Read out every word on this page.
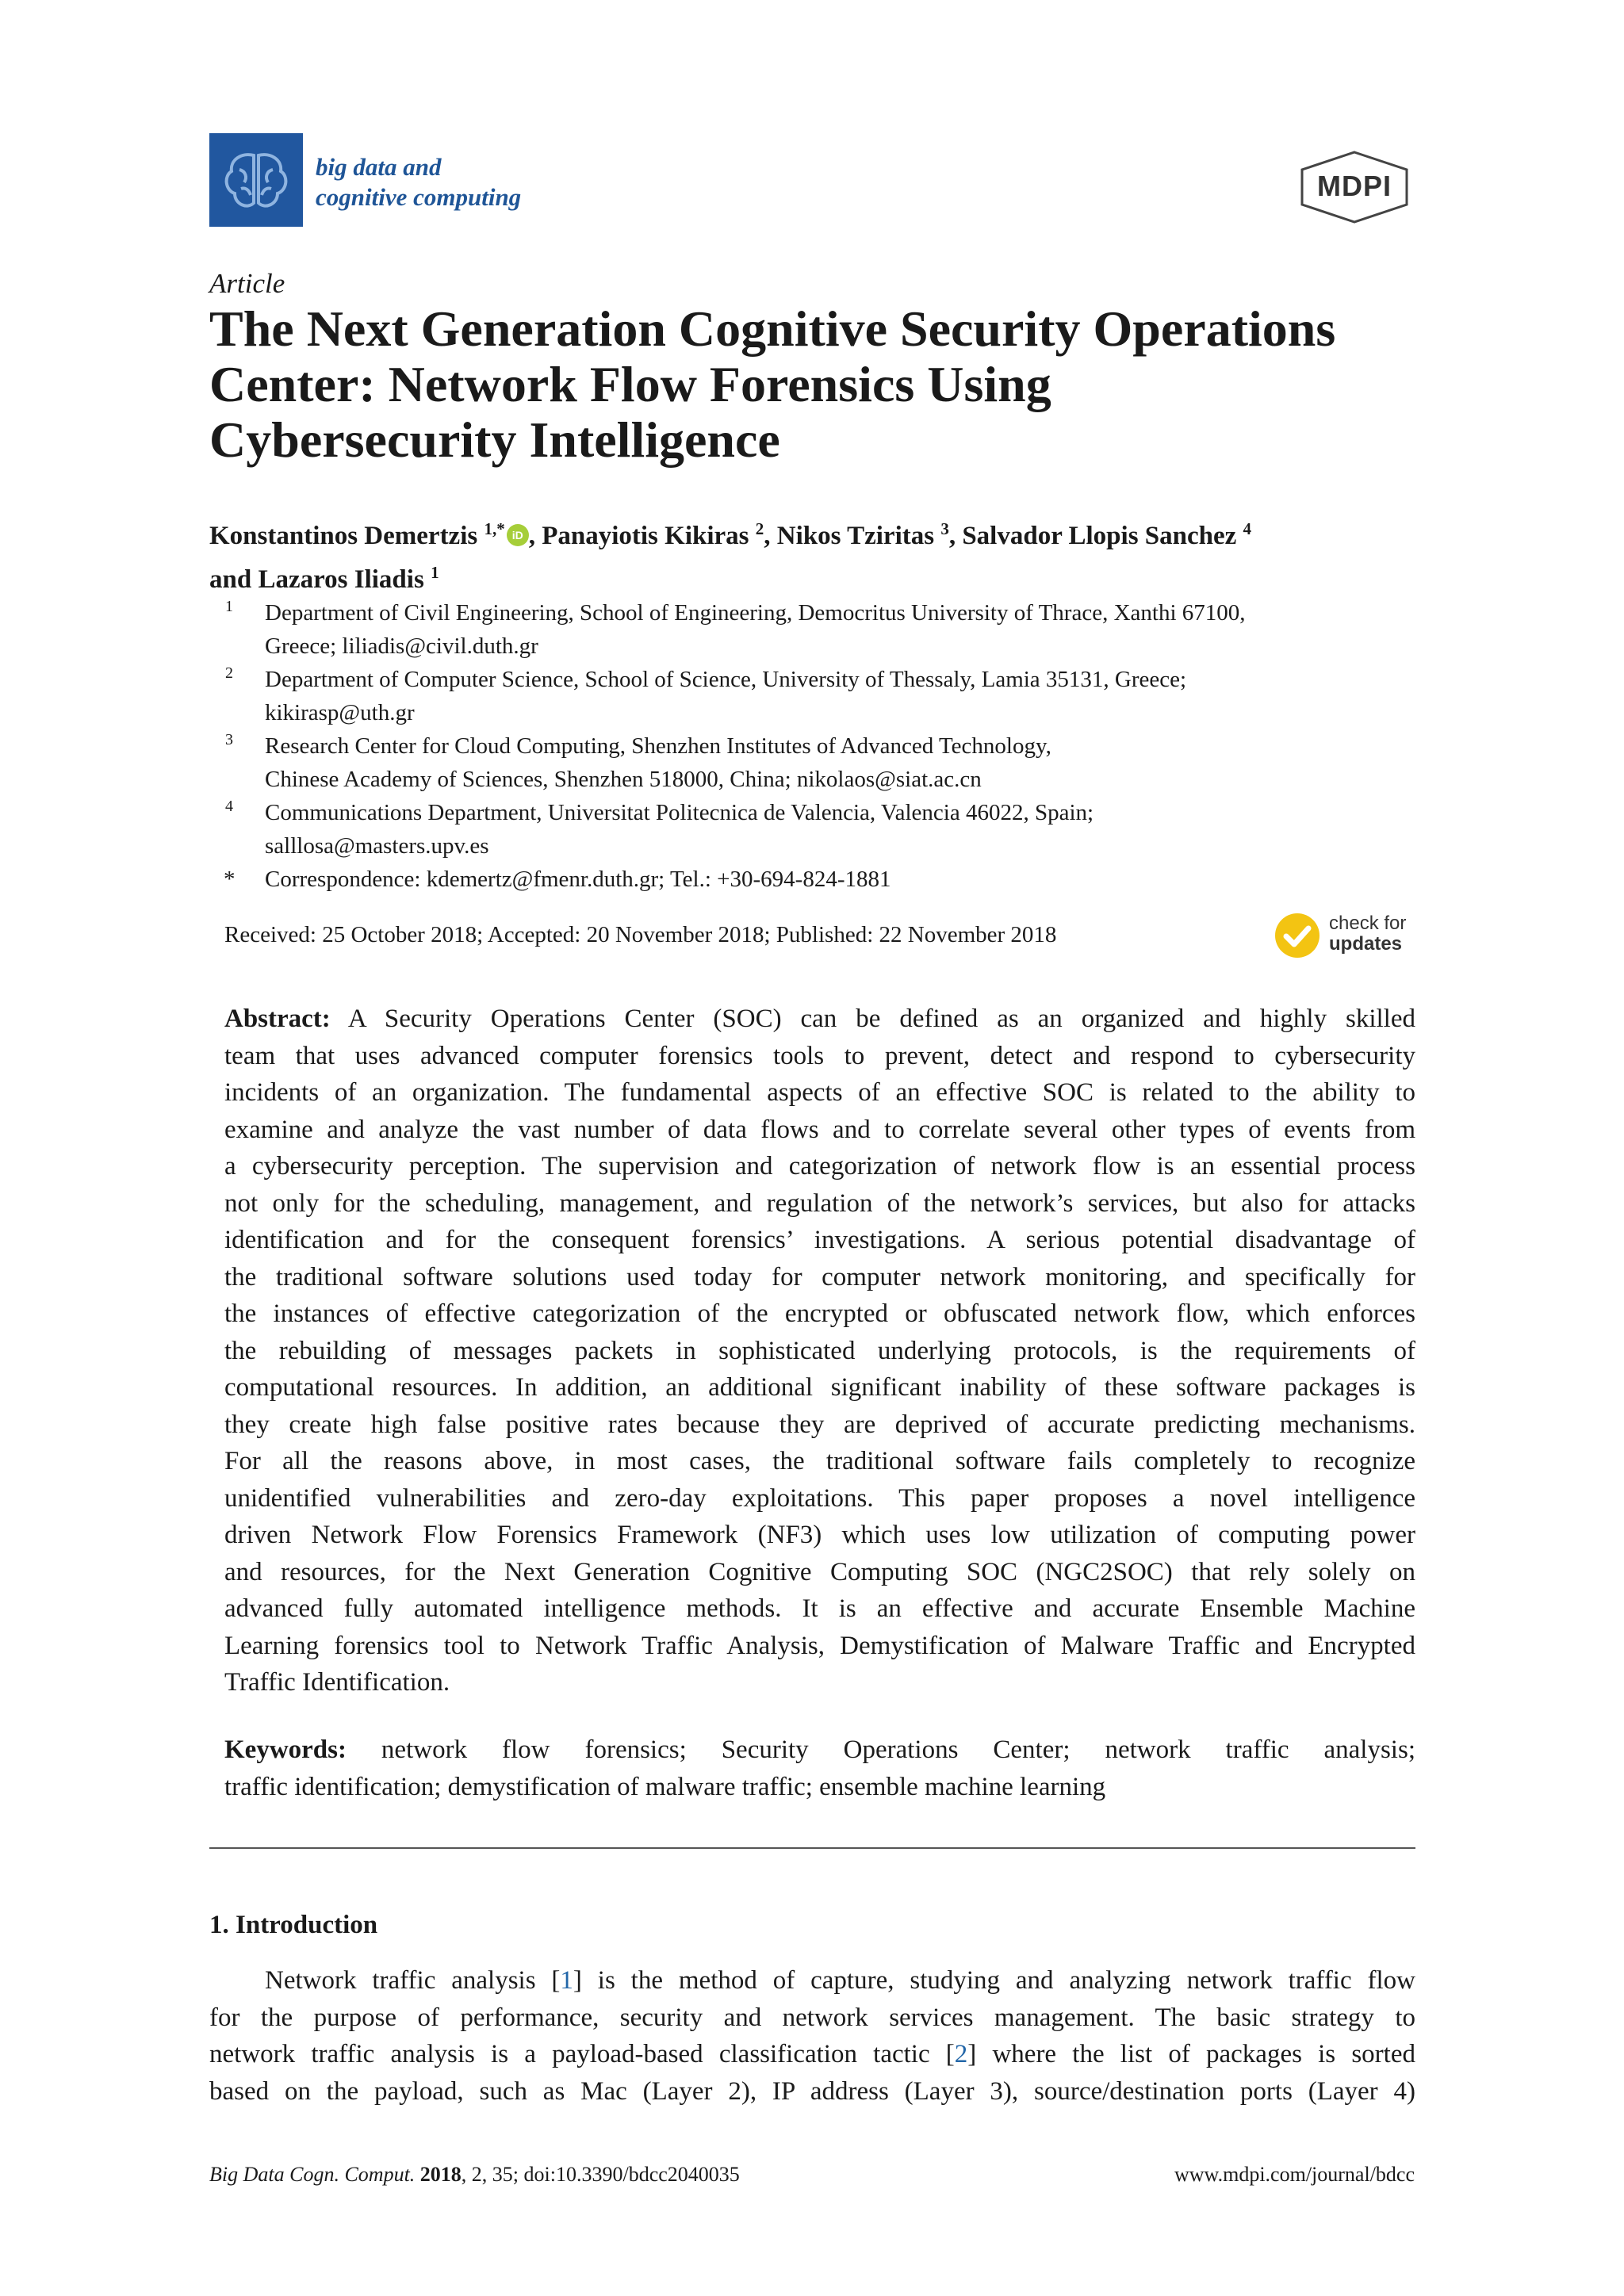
big data and
cognitive computing	MDPI
Article
The Next Generation Cognitive Security Operations
Center: Network Flow Forensics Using
Cybersecurity Intelligence
Konstantinos Demertzis $^{1,*}$ iD , Panayiotis Kikiras $^2$, Nikos Tziritas $^3$, Salvador Llopis Sanchez $^4$
and Lazaros Iliadis $^1$
1 Department of Civil Engineering, School of Engineering, Democritus University of Thrace, Xanthi 67100,
Greece; liliadis@civil.duth.gr
2 Department of Computer Science, School of Science, University of Thessaly, Lamia 35131, Greece;
kikirasp@uth.gr
3 Research Center for Cloud Computing, Shenzhen Institutes of Advanced Technology,
Chinese Academy of Sciences, Shenzhen 518000, China; nikolaos@siat.ac.cn
4 Communications Department, Universitat Politecnica de Valencia, Valencia 46022, Spain;
salllosa@masters.upv.es
* Correspondence: kdemertz@fmenr.duth.gr; Tel.: +30-694-824-1881
Received: 25 October 2018; Accepted: 20 November 2018; Published: 22 November 2018	check for
updates
Abstract: A Security Operations Center (SOC) can be defined as an organized and highly skilled
team that uses advanced computer forensics tools to prevent, detect and respond to cybersecurity
incidents of an organization. The fundamental aspects of an effective SOC is related to the ability to
examine and analyze the vast number of data flows and to correlate several other types of events from
a cybersecurity perception. The supervision and categorization of network flow is an essential process
not only for the scheduling, management, and regulation of the network’s services, but also for attacks
identification and for the consequent forensics’ investigations. A serious potential disadvantage of
the traditional software solutions used today for computer network monitoring, and specifically for
the instances of effective categorization of the encrypted or obfuscated network flow, which enforces
the rebuilding of messages packets in sophisticated underlying protocols, is the requirements of
computational resources. In addition, an additional significant inability of these software packages is
they create high false positive rates because they are deprived of accurate predicting mechanisms.
For all the reasons above, in most cases, the traditional software fails completely to recognize
unidentified vulnerabilities and zero-day exploitations. This paper proposes a novel intelligence
driven Network Flow Forensics Framework (NF3) which uses low utilization of computing power
and resources, for the Next Generation Cognitive Computing SOC (NGC2SOC) that rely solely on
advanced fully automated intelligence methods. It is an effective and accurate Ensemble Machine
Learning forensics tool to Network Traffic Analysis, Demystification of Malware Traffic and Encrypted
Traffic Identification.
Keywords: network flow forensics; Security Operations Center; network traffic analysis;
traffic identification; demystification of malware traffic; ensemble machine learning
1. Introduction
Network traffic analysis [1] is the method of capture, studying and analyzing network traffic flow
for the purpose of performance, security and network services management. The basic strategy to
network traffic analysis is a payload-based classification tactic [2] where the list of packages is sorted
based on the payload, such as Mac (Layer 2), IP address (Layer 3), source/destination ports (Layer 4)
Big Data Cogn. Comput. 2018, 2, 35; doi:10.3390/bdcc2040035	www.mdpi.com/journal/bdcc
